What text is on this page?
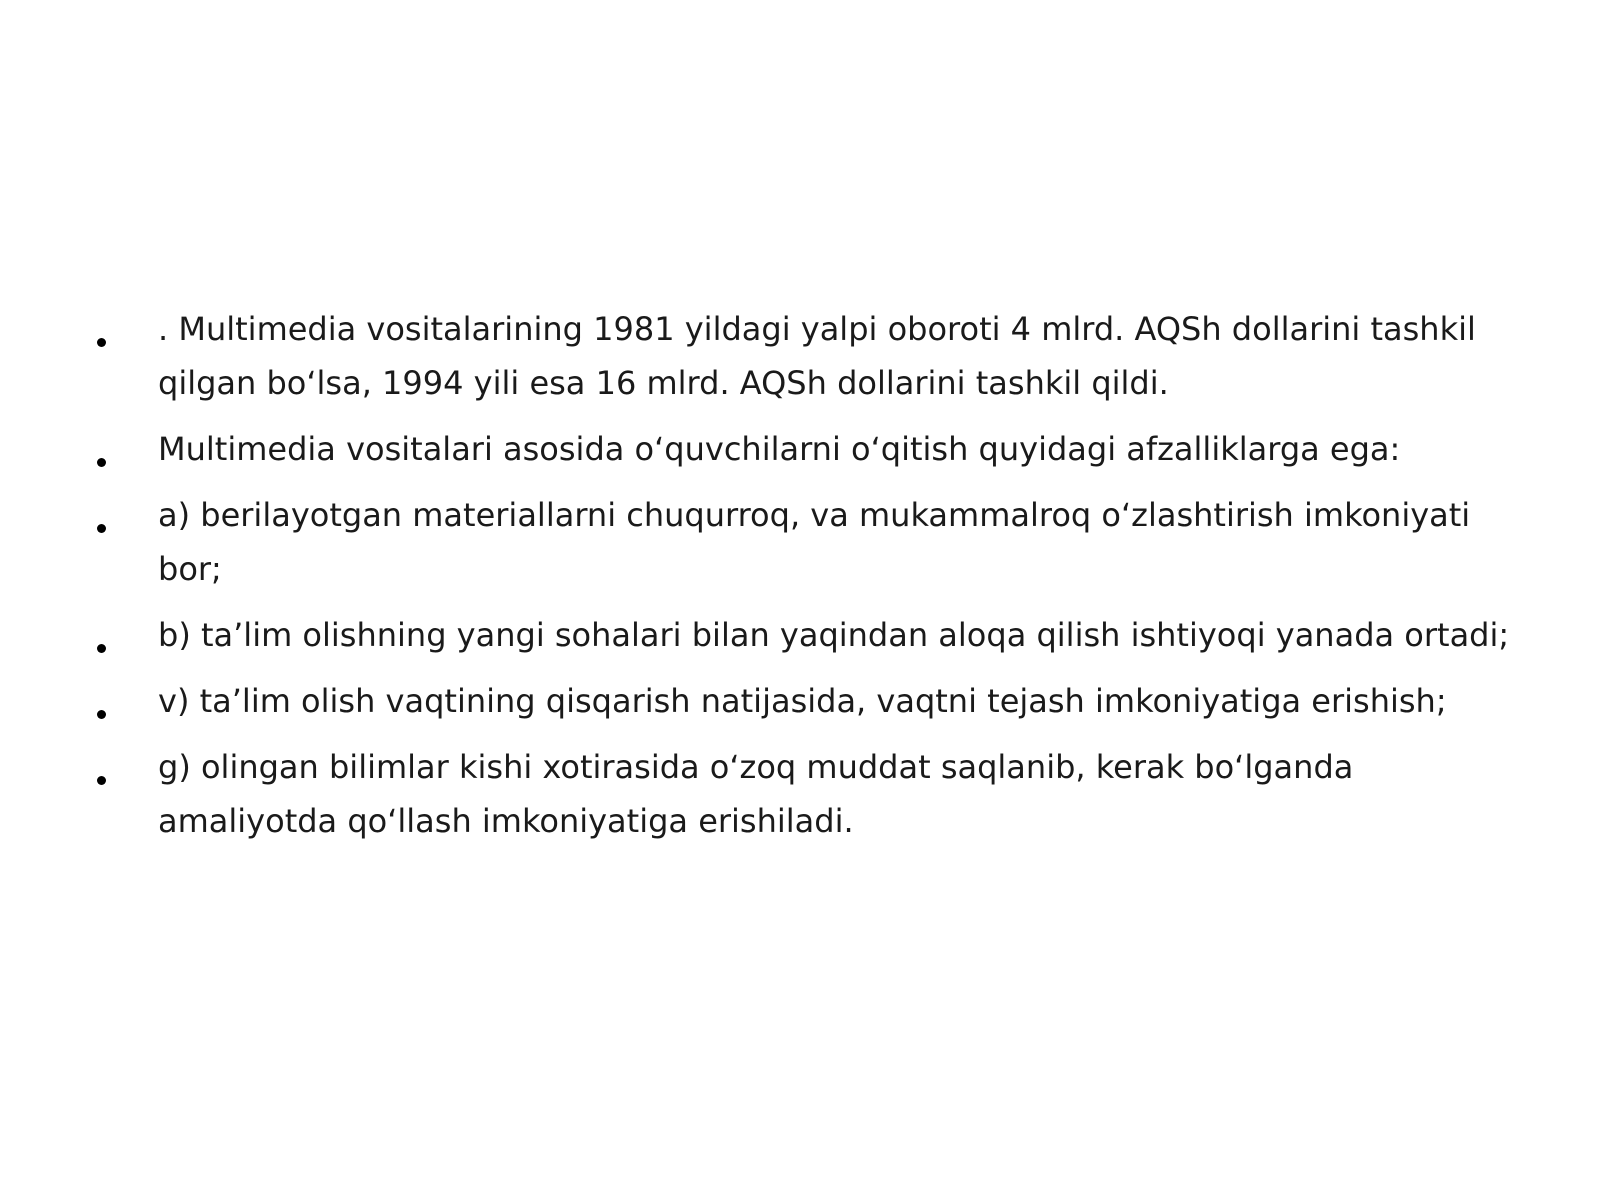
. Multimedia vositalarining 1981 yildagi yalpi oboroti 4 mlrd. AQSh dollarini tashkil qilgan bo‘lsa, 1994 yili esa 16 mlrd. AQSh dollarini tashkil qildi.
Multimedia vositalari asosida o‘quvchilarni o‘qitish quyidagi afzalliklarga ega:
a) berilayotgan materiallarni chuqurroq, va mukammalroq o‘zlashtirish imkoniyati bor;
b) ta’lim olishning yangi sohalari bilan yaqindan aloqa qilish ishtiyoqi yanada ortadi;
v) ta’lim olish vaqtining qisqarish natijasida, vaqtni tejash imkoniyatiga erishish;
g) olingan bilimlar kishi xotirasida o‘zoq muddat saqlanib, kerak bo‘lganda amaliyotda qo‘llash imkoniyatiga erishiladi.
